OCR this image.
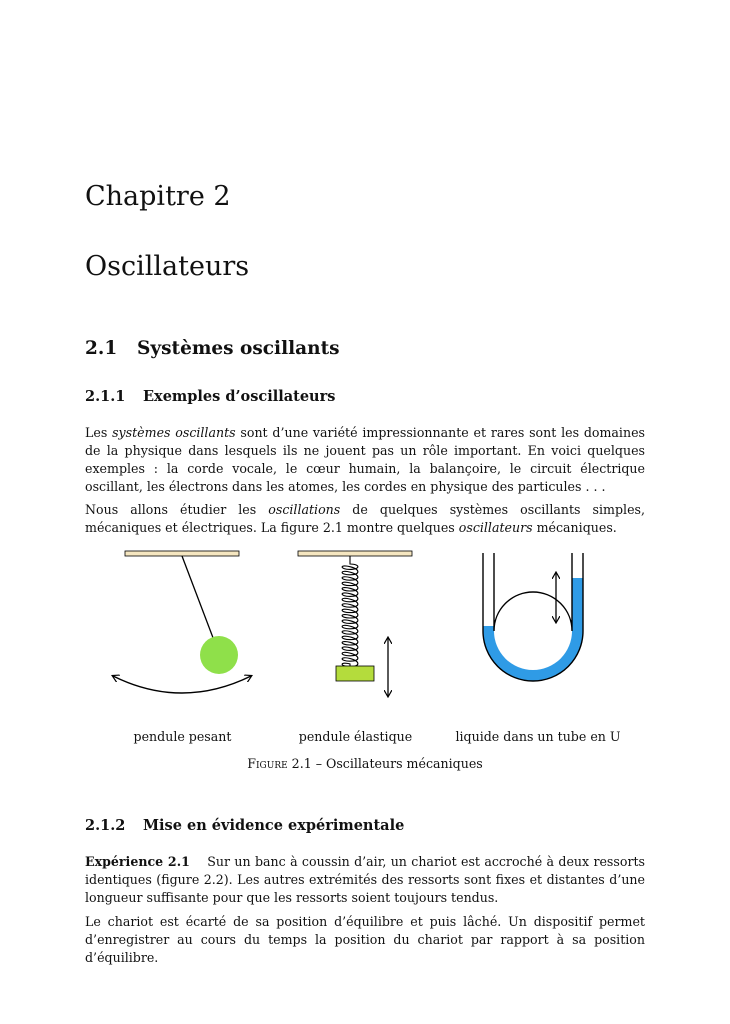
Chapitre 2
Oscillateurs
2.1 Systèmes oscillants
2.1.1 Exemples d’oscillateurs

Les systèmes oscillants sont d’une variété impressionnante et rares sont les domaines de la physique dans lesquels ils ne jouent pas un rôle important. En voici quelques exemples : la corde vocale, le cœur humain, la balançoire, le circuit électrique oscillant, les électrons dans les atomes, les cordes en physique des particules . . .

Nous allons étudier les oscillations de quelques systèmes oscillants simples, mécaniques et électriques. La figure 2.1 montre quelques oscillateurs mécaniques.

pendule pesant	pendule élastique	liquide dans un tube en U
Figure 2.1 – Oscillateurs mécaniques
2.1.2 Mise en évidence expérimentale

Expérience 2.1 Sur un banc à coussin d’air, un chariot est accroché à deux ressorts identiques (figure 2.2). Les autres extrémités des ressorts sont fixes et distantes d’une longueur suffisante pour que les ressorts soient toujours tendus.

Le chariot est écarté de sa position d’équilibre et puis lâché. Un dispositif permet d’enregistrer au cours du temps la position du chariot par rapport à sa position d’équilibre.
